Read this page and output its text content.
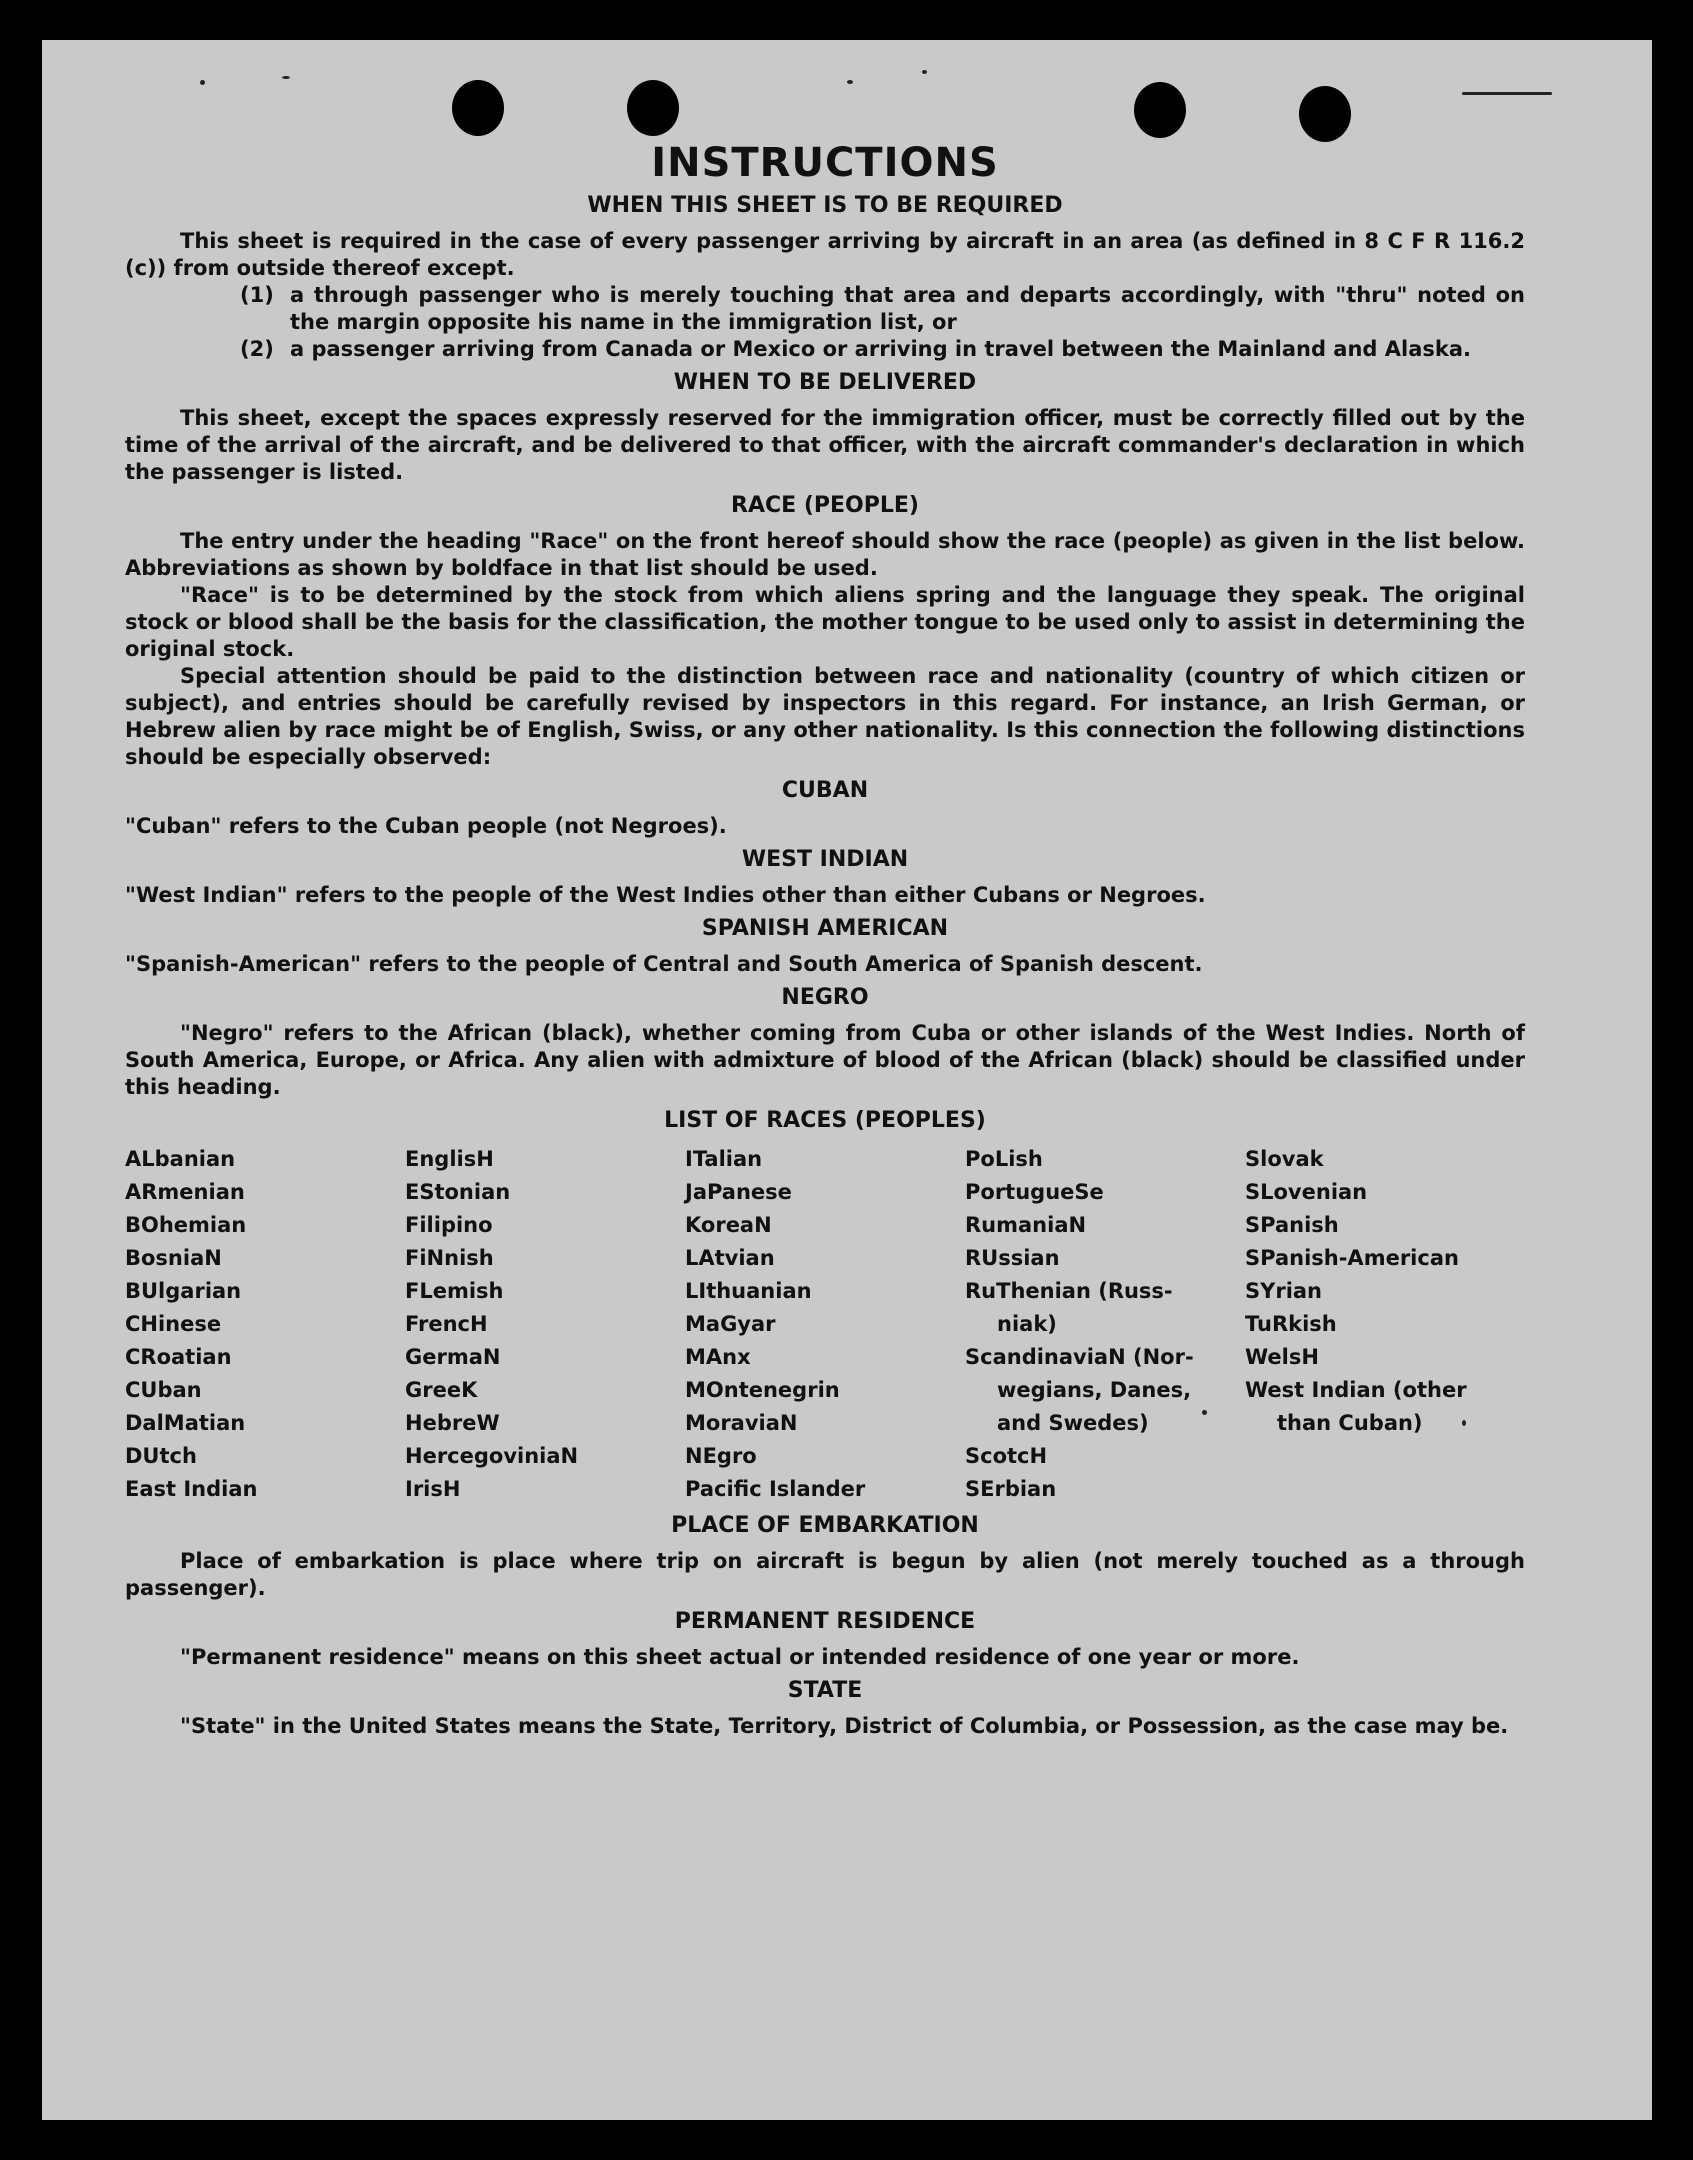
INSTRUCTIONS
WHEN THIS SHEET IS TO BE REQUIRED

This sheet is required in the case of every passenger arriving by aircraft in an area (as defined in 8 C F R 116.2 (c)) from outside thereof except.

(1) a through passenger who is merely touching that area and departs accordingly, with "thru" noted on the margin opposite his name in the immigration list, or
(2) a passenger arriving from Canada or Mexico or arriving in travel between the Mainland and Alaska.
WHEN TO BE DELIVERED

This sheet, except the spaces expressly reserved for the immigration officer, must be correctly filled out by the time of the arrival of the aircraft, and be delivered to that officer, with the aircraft commander's declaration in which the passenger is listed.

RACE (PEOPLE)

The entry under the heading "Race" on the front hereof should show the race (people) as given in the list below. Abbreviations as shown by boldface in that list should be used.

"Race" is to be determined by the stock from which aliens spring and the language they speak. The original stock or blood shall be the basis for the classification, the mother tongue to be used only to assist in determining the original stock.

Special attention should be paid to the distinction between race and nationality (country of which citizen or subject), and entries should be carefully revised by inspectors in this regard. For instance, an Irish German, or Hebrew alien by race might be of English, Swiss, or any other nationality. Is this connection the following distinctions should be especially observed:

CUBAN

"Cuban" refers to the Cuban people (not Negroes).

WEST INDIAN

"West Indian" refers to the people of the West Indies other than either Cubans or Negroes.

SPANISH AMERICAN

"Spanish-American" refers to the people of Central and South America of Spanish descent.

NEGRO

"Negro" refers to the African (black), whether coming from Cuba or other islands of the West Indies. North of South America, Europe, or Africa. Any alien with admixture of blood of the African (black) should be classified under this heading.

LIST OF RACES (PEOPLES)
ALbanian
ARmenian
BOhemian
BosniaN
BUlgarian
CHinese
CRoatian
CUban
DalMatian
DUtch
East Indian
EnglisH
EStonian
Filipino
FiNnish
FLemish
FrencH
GermaN
GreeK
HebreW
HercegoviniaN
IrisH
ITalian
JaPanese
KoreaN
LAtvian
LIthuanian
MaGyar
MAnx
MOntenegrin
MoraviaN
NEgro
Pacific Islander
PoLish
PortugueSe
RumaniaN
RUssian
RuThenian (Russ-
niak)
ScandinaviaN (Nor-
wegians, Danes,
and Swedes)
ScotcH
SErbian
Slovak
SLovenian
SPanish
SPanish-American
SYrian
TuRkish
WelsH
West Indian (other
than Cuban)
PLACE OF EMBARKATION

Place of embarkation is place where trip on aircraft is begun by alien (not merely touched as a through passenger).

PERMANENT RESIDENCE

"Permanent residence" means on this sheet actual or intended residence of one year or more.

STATE

"State" in the United States means the State, Territory, District of Columbia, or Possession, as the case may be.
